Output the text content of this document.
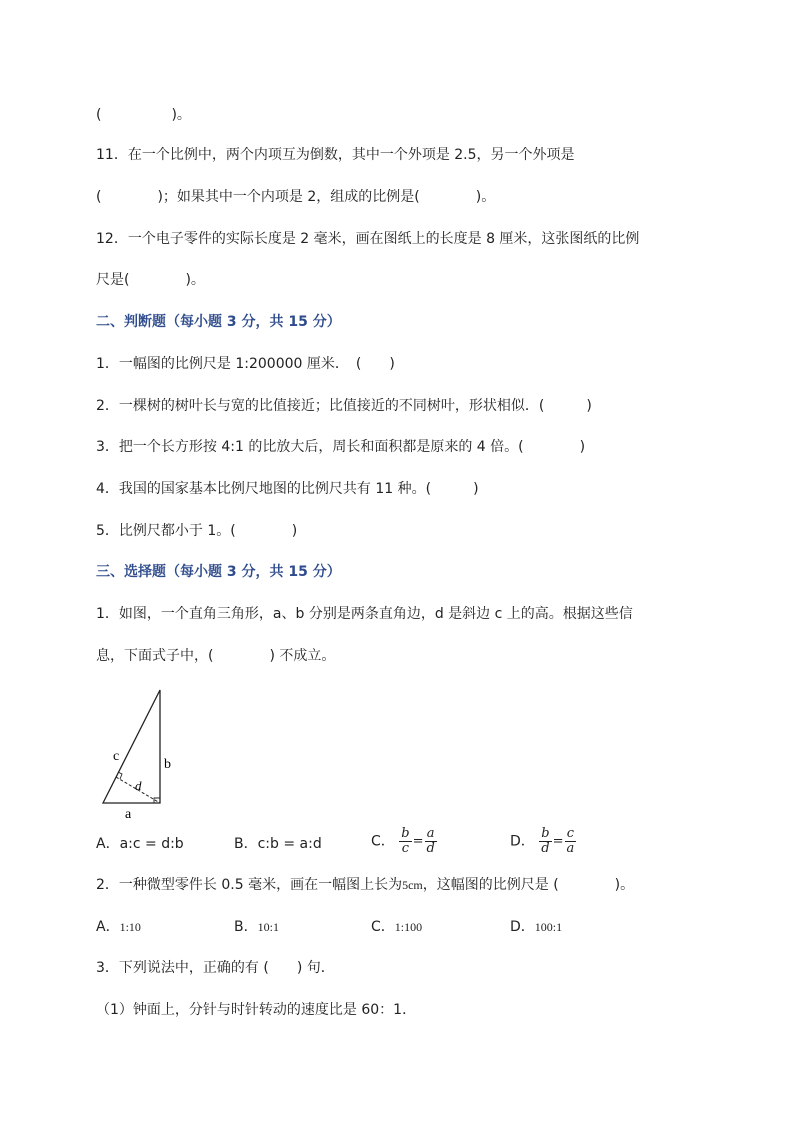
(　　　　　)。
11．在一个比例中，两个内项互为倒数，其中一个外项是 2.5，另一个外项是
(　　　　)；如果其中一个内项是 2，组成的比例是(　　　　)。
12．一个电子零件的实际长度是 2 毫米，画在图纸上的长度是 8 厘米，这张图纸的比例
尺是(　　　　)。
二、判断题（每小题 3 分，共 15 分）
1．一幅图的比例尺是 1:200000 厘米．　(　　)
2．一棵树的树叶长与宽的比值接近；比值接近的不同树叶，形状相似．(　　　)
3．把一个长方形按 4:1 的比放大后，周长和面积都是原来的 4 倍。(　　　　)
4．我国的国家基本比例尺地图的比例尺共有 11 种。(　　　)
5．比例尺都小于 1。(　　　　)
三、选择题（每小题 3 分，共 15 分）
1．如图，一个直角三角形，a、b 分别是两条直角边，d 是斜边 c 上的高。根据这些信
息，下面式子中，(　　　　) 不成立。
c
b
d
a
A．a:c = d:b	B．c:b = a:d	C． $\frac{b}{c} = \frac{a}{d}$	D． $\frac{b}{d} = \frac{c}{a}$
2．一种微型零件长 0.5 毫米，画在一幅图上长为5cm，这幅图的比例尺是 (　　　　)。
A．1:10	B．10:1	C．1:100	D．100:1
3．下列说法中，正确的有 (　　) 句．
（1）钟面上，分针与时针转动的速度比是 60：1．
